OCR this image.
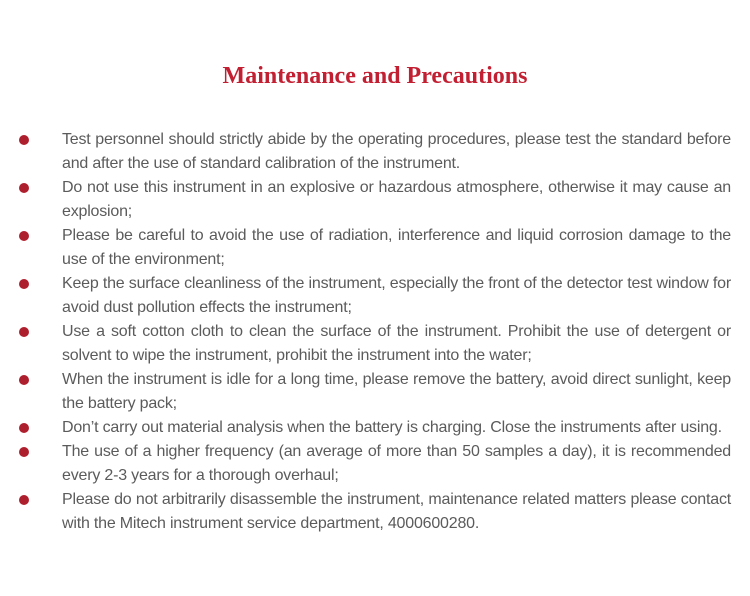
Maintenance and Precautions
Test personnel should strictly abide by the operating procedures, please test the standard before and after the use of standard calibration of the instrument.
Do not use this instrument in an explosive or hazardous atmosphere, otherwise it may cause an explosion;
Please be careful to avoid the use of radiation, interference and liquid corrosion damage to the use of the environment;
Keep the surface cleanliness of the instrument, especially the front of the detector test window for avoid dust pollution effects the instrument;
Use a soft cotton cloth to clean the surface of the instrument. Prohibit the use of detergent or solvent to wipe the instrument, prohibit the instrument into the water;
When the instrument is idle for a long time, please remove the battery, avoid direct sunlight, keep the battery pack;
Don’t carry out material analysis when the battery is charging. Close the instruments after using.
The use of a higher frequency (an average of more than 50 samples a day), it is recommended every 2-3 years for a thorough overhaul;
Please do not arbitrarily disassemble the instrument, maintenance related matters please contact with the Mitech instrument service department, 4000600280.
